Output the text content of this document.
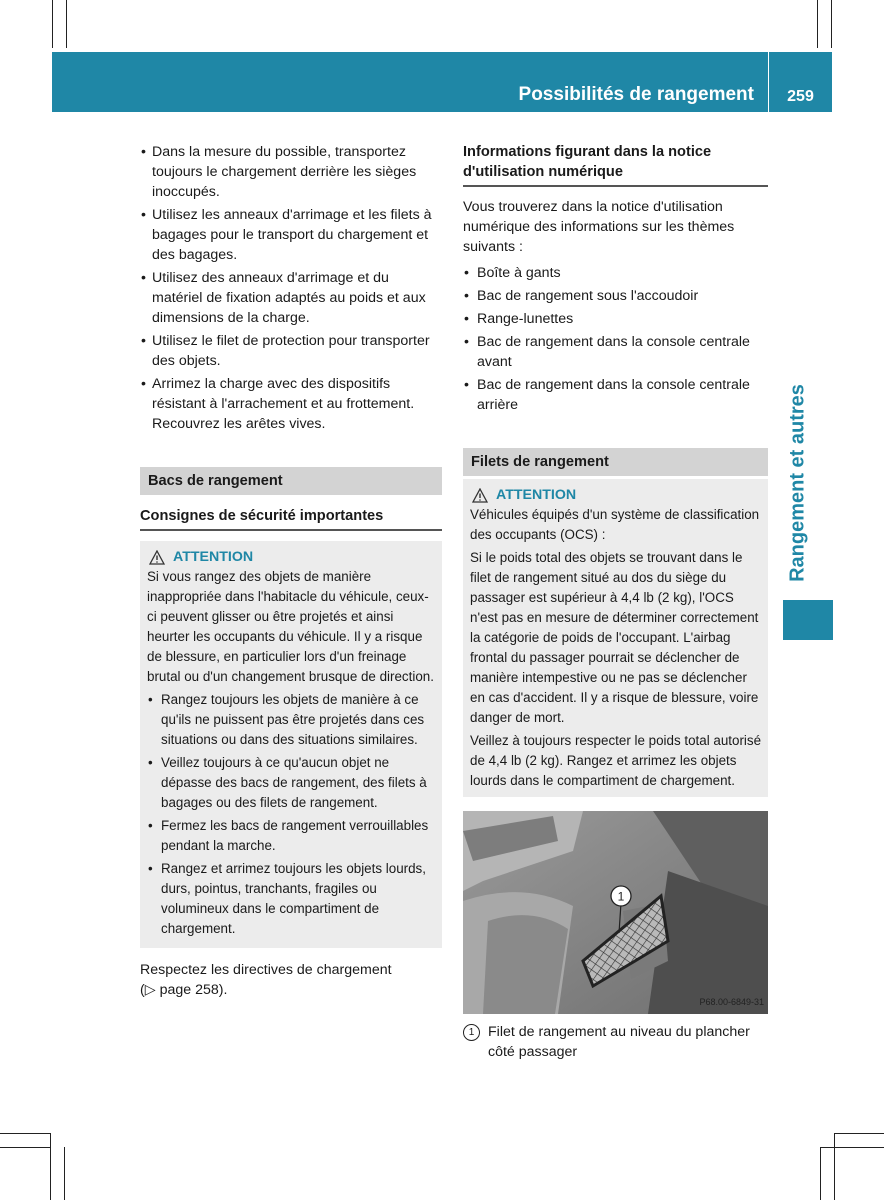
Possibilités de rangement	259
Rangement et autres
• Dans la mesure du possible, transportez toujours le chargement derrière les sièges inoccupés.
• Utilisez les anneaux d'arrimage et les filets à bagages pour le transport du chargement et des bagages.
• Utilisez des anneaux d'arrimage et du matériel de fixation adaptés au poids et aux dimensions de la charge.
• Utilisez le filet de protection pour transporter des objets.
• Arrimez la charge avec des dispositifs résistant à l'arrachement et au frottement. Recouvrez les arêtes vives.
Bacs de rangement
Consignes de sécurité importantes
ATTENTION

Si vous rangez des objets de manière inappropriée dans l'habitacle du véhicule, ceux-ci peuvent glisser ou être projetés et ainsi heurter les occupants du véhicule. Il y a risque de blessure, en particulier lors d'un freinage brutal ou d'un changement brusque de direction.

• Rangez toujours les objets de manière à ce qu'ils ne puissent pas être projetés dans ces situations ou dans des situations similaires.
• Veillez toujours à ce qu'aucun objet ne dépasse des bacs de rangement, des filets à bagages ou des filets de rangement.
• Fermez les bacs de rangement verrouillables pendant la marche.
• Rangez et arrimez toujours les objets lourds, durs, pointus, tranchants, fragiles ou volumineux dans le compartiment de chargement.
Respectez les directives de chargement
(▷ page 258).
Informations figurant dans la notice d'utilisation numérique

Vous trouverez dans la notice d'utilisation numérique des informations sur les thèmes suivants :

• Boîte à gants
• Bac de rangement sous l'accoudoir
• Range-lunettes
• Bac de rangement dans la console centrale avant
• Bac de rangement dans la console centrale arrière
Filets de rangement
ATTENTION

Véhicules équipés d'un système de classification des occupants (OCS) :

Si le poids total des objets se trouvant dans le filet de rangement situé au dos du siège du passager est supérieur à 4,4 lb (2 kg), l'OCS n'est pas en mesure de déterminer correctement la catégorie de poids de l'occupant. L'airbag frontal du passager pourrait se déclencher de manière intempestive ou ne pas se déclencher en cas d'accident. Il y a risque de blessure, voire danger de mort.

Veillez à toujours respecter le poids total autorisé de 4,4 lb (2 kg). Rangez et arrimez les objets lourds dans le compartiment de chargement.

1
P68.00-6849-31
1 Filet de rangement au niveau du plancher côté passager
